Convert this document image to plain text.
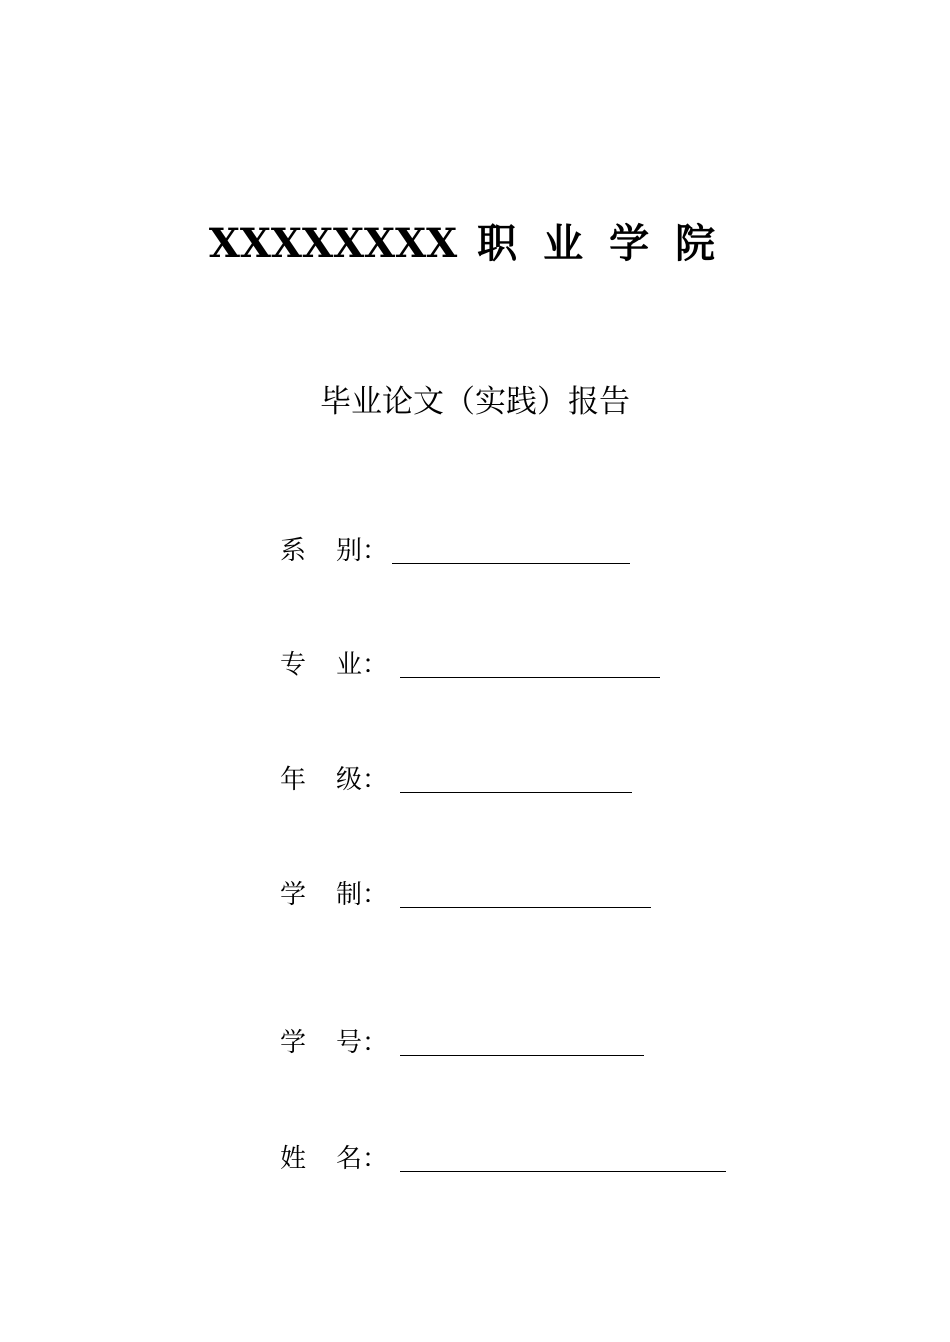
XXXXXXXX 职业学院
毕业论文（实践）报告
系 别 ：
专 业 ：
年 级 ：
学 制 ：
学 号 ：
姓 名 ：
